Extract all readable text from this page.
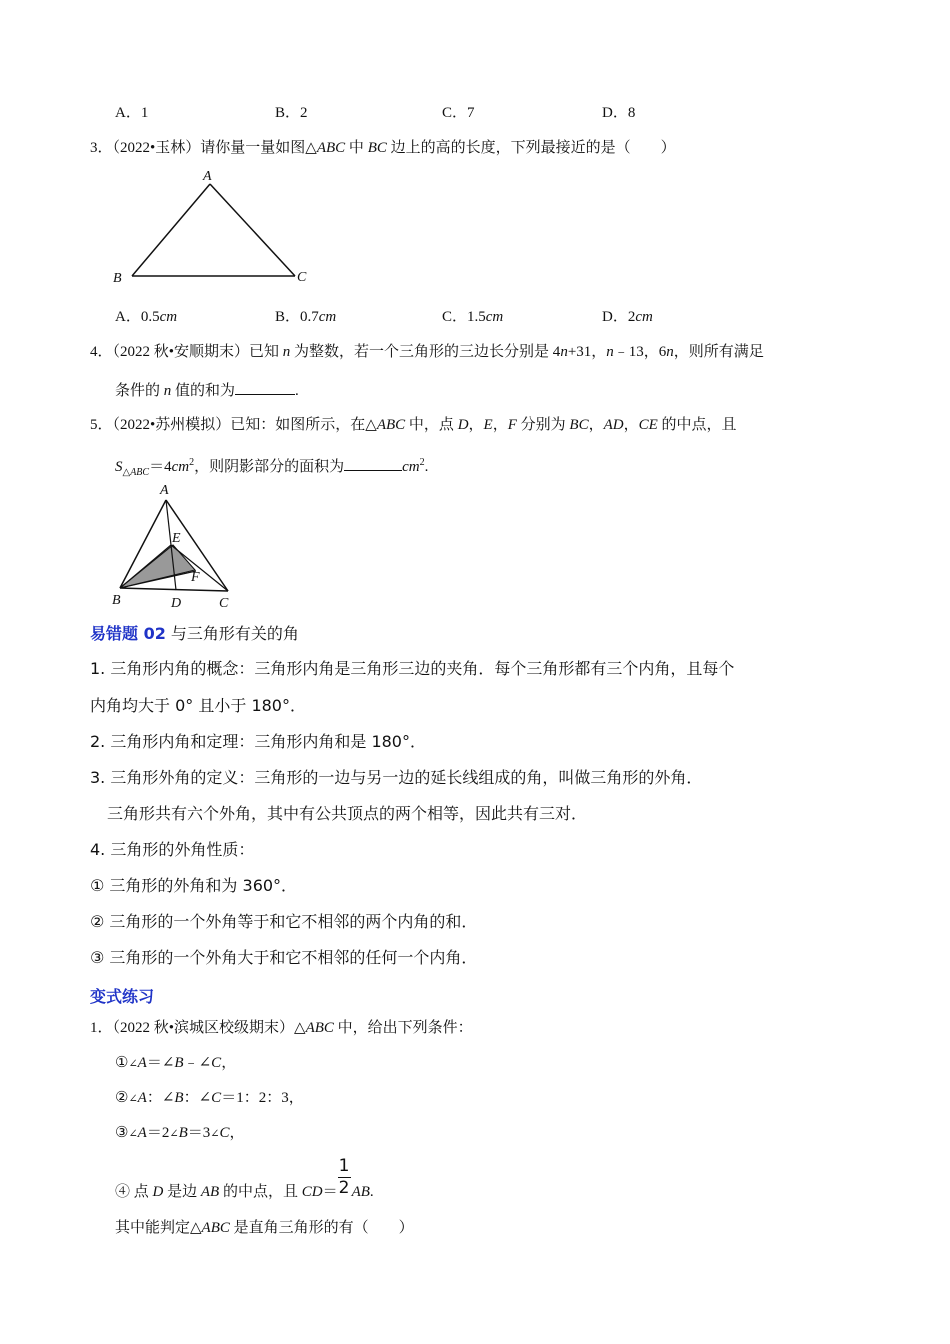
A．1	B．2	C．7	D．8
3．（2022•玉林）请你量一量如图△ABC 中 BC 边上的高的长度，下列最接近的是（　　）
A
B	C
A．0.5cm	B．0.7cm	C．1.5cm	D．2cm
4．（2022 秋•安顺期末）已知 n 为整数，若一个三角形的三边长分别是 4n+31，n﹣13，6n，则所有满足
条件的 n 值的和为	.
5．（2022•苏州模拟）已知：如图所示，在△ABC 中，点 D，E，F 分别为 BC，AD，CE 的中点，且
$S_{\triangle ABC}=4cm^2$，则阴影部分的面积为	$cm^2$.
A
E
F
B	D	C
易错题 02 与三角形有关的角
1. 三角形内角的概念：三角形内角是三角形三边的夹角．每个三角形都有三个内角，且每个
内角均大于 0° 且小于 180°．
2. 三角形内角和定理：三角形内角和是 180°．
3. 三角形外角的定义：三角形的一边与另一边的延长线组成的角，叫做三角形的外角．
三角形共有六个外角，其中有公共顶点的两个相等，因此共有三对．
4. 三角形的外角性质：
① 三角形的外角和为 360°．
② 三角形的一个外角等于和它不相邻的两个内角的和．
③ 三角形的一个外角大于和它不相邻的任何一个内角．
变式练习
1．（2022 秋•滨城区校级期末）△ABC 中，给出下列条件：
①∠A＝∠B﹣∠C，
②∠A：∠B：∠C＝1：2：3，
③∠A＝2∠B＝3∠C，
④ 点 D 是边 AB 的中点，且 $CD= \frac{1}{2}$ AB.
其中能判定△ABC 是直角三角形的有（　　）
